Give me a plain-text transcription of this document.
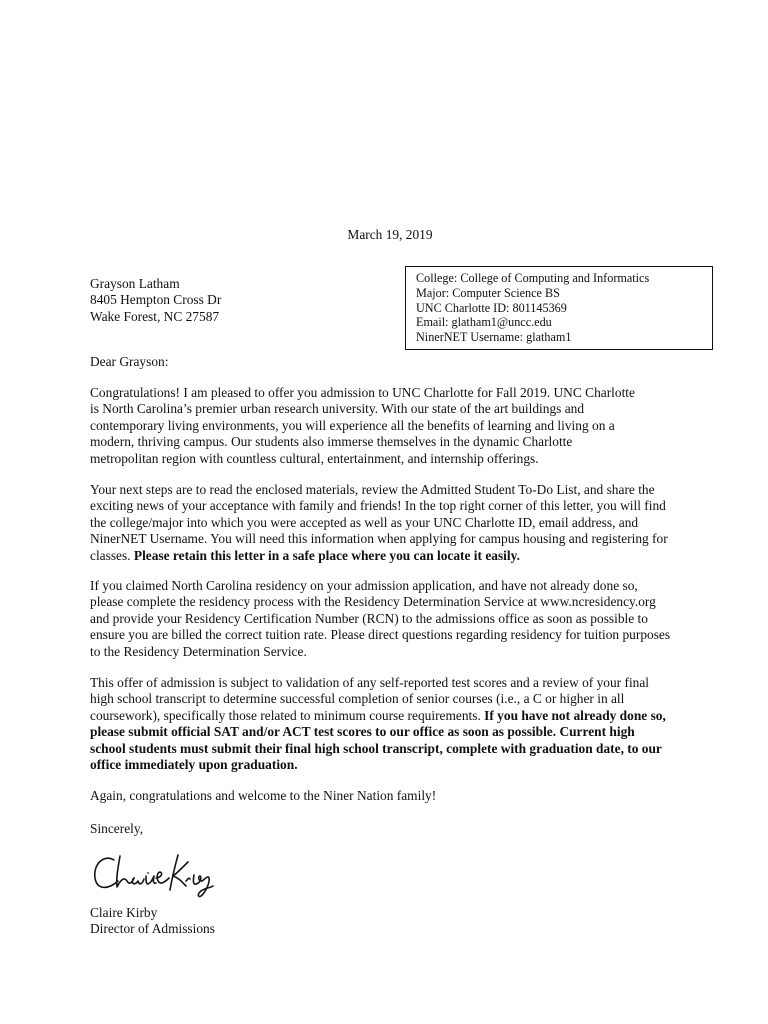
March 19, 2019
Grayson Latham
8405 Hempton Cross Dr
Wake Forest, NC 27587
College: College of Computing and Informatics
Major: Computer Science BS
UNC Charlotte ID: 801145369
Email: glatham1@uncc.edu
NinerNET Username: glatham1
Dear Grayson:
Congratulations! I am pleased to offer you admission to UNC Charlotte for Fall 2019. UNC Charlotte
is North Carolina’s premier urban research university. With our state of the art buildings and
contemporary living environments, you will experience all the benefits of learning and living on a
modern, thriving campus. Our students also immerse themselves in the dynamic Charlotte
metropolitan region with countless cultural, entertainment, and internship offerings.
Your next steps are to read the enclosed materials, review the Admitted Student To-Do List, and share the
exciting news of your acceptance with family and friends! In the top right corner of this letter, you will find
the college/major into which you were accepted as well as your UNC Charlotte ID, email address, and
NinerNET Username. You will need this information when applying for campus housing and registering for
classes. Please retain this letter in a safe place where you can locate it easily.
If you claimed North Carolina residency on your admission application, and have not already done so,
please complete the residency process with the Residency Determination Service at www.ncresidency.org
and provide your Residency Certification Number (RCN) to the admissions office as soon as possible to
ensure you are billed the correct tuition rate. Please direct questions regarding residency for tuition purposes
to the Residency Determination Service.
This offer of admission is subject to validation of any self-reported test scores and a review of your final
high school transcript to determine successful completion of senior courses (i.e., a C or higher in all
coursework), specifically those related to minimum course requirements. If you have not already done so,
please submit official SAT and/or ACT test scores to our office as soon as possible. Current high
school students must submit their final high school transcript, complete with graduation date, to our
office immediately upon graduation.
Again, congratulations and welcome to the Niner Nation family!
Sincerely,
Claire Kirby
Director of Admissions
